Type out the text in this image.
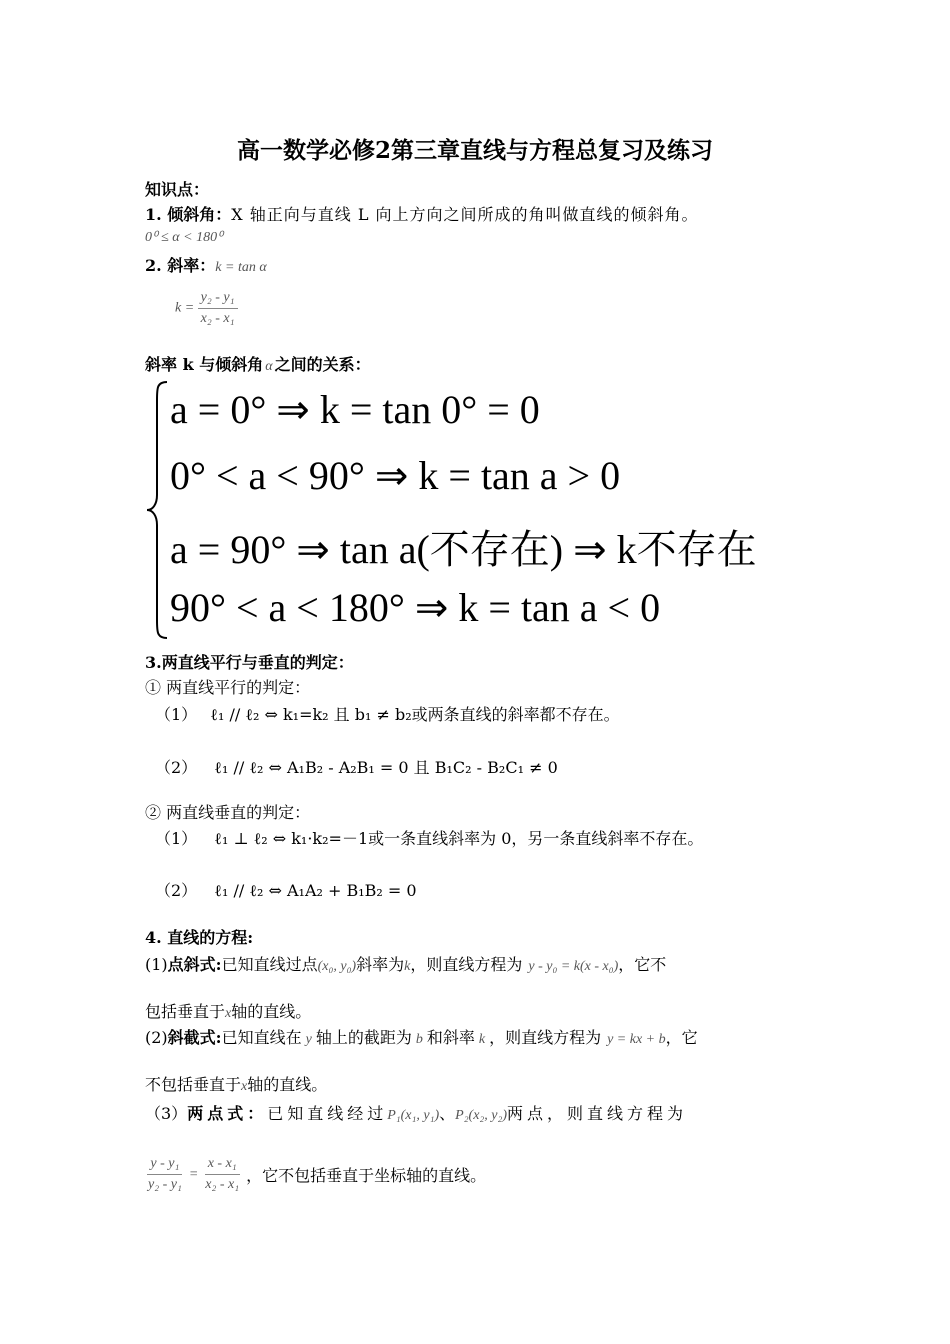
高一数学必修2第三章直线与方程总复习及练习
知识点：
1. 倾斜角：X 轴正向与直线 L 向上方向之间所成的角叫做直线的倾斜角。
0⁰ ≤ α < 180⁰
2. 斜率：k = tan α
$k = \frac{\text{y₂ - y₁}}{\text{x₂ - x₁}}$
斜率 k 与倾斜角 α 之间的关系：
a = 0° ⇒ k = tan 0° = 0
0° < a < 90° ⇒ k = tan a > 0
a = 90° ⇒ tan a(不存在) ⇒ k不存在
90° < a < 180° ⇒ k = tan a < 0
3.两直线平行与垂直的判定：
① 两直线平行的判定：
（1） ℓ₁ // ℓ₂ ⇔ k₁=k₂ 且 b₁ ≠ b₂或两条直线的斜率都不存在。
（2） ℓ₁ // ℓ₂ ⇔ A₁B₂ - A₂B₁ = 0 且 B₁C₂ - B₂C₁ ≠ 0
② 两直线垂直的判定：
（1） ℓ₁ ⊥ ℓ₂ ⇔ k₁·k₂=－1或一条直线斜率为 0，另一条直线斜率不存在。
（2） ℓ₁ // ℓ₂ ⇔ A₁A₂ + B₁B₂ = 0
4. 直线的方程:
(1)点斜式:已知直线过点(x₀, y₀)斜率为k，则直线方程为 y - y₀ = k(x - x₀)，它不
包括垂直于x轴的直线。
(2)斜截式:已知直线在 y 轴上的截距为 b 和斜率 k ，则直线方程为 y = kx + b，它
不包括垂直于x轴的直线。
（3）两点式：已知直线经过P₁(x₁, y₁)、P₂(x₂, y₂)两点，则直线方程为
$\frac{\text{y - y₁}}{\text{y₂ - y₁}} = \frac{\text{x - x₁}}{\text{x₂ - x₁}}$ ，它不包括垂直于坐标轴的直线。
